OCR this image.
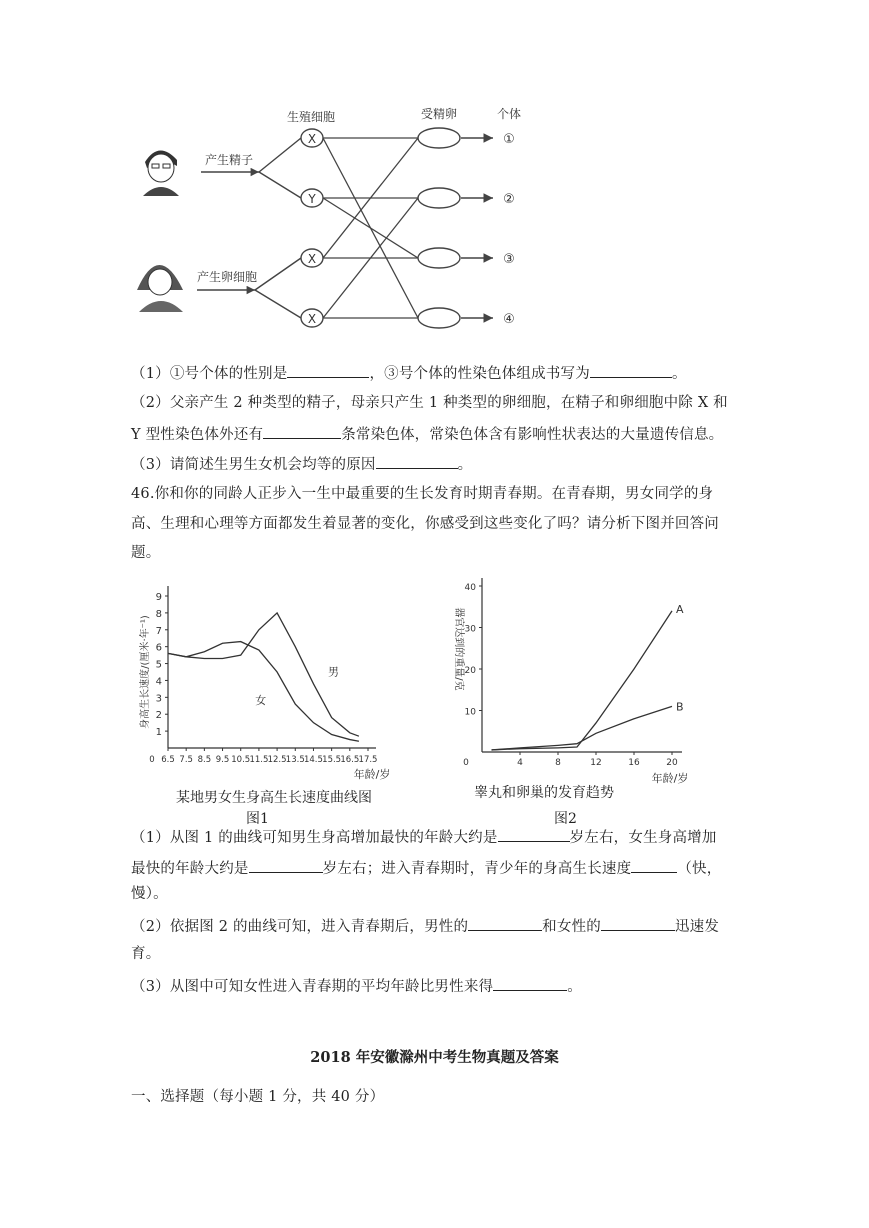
X
Y
X
X
①
②
③
④
生殖细胞	受精卵	个体
产生精子
产生卵细胞
（1）①号个体的性别是	，③号个体的性染色体组成书写为	。
（2）父亲产生 2 种类型的精子，母亲只产生 1 种类型的卵细胞，在精子和卵细胞中除 X 和
Y 型性染色体外还有	条常染色体，常染色体含有影响性状表达的大量遗传信息。
（3）请简述生男生女机会均等的原因	。
46.你和你的同龄人正步入一生中最重要的生长发育时期青春期。在青春期，男女同学的身
高、生理和心理等方面都发生着显著的变化，你感受到这些变化了吗？请分析下图并回答问
题。
1
2
3
4
5
6
7
8
9
0 6.5 7.5 8.5 9.5 10.5 11.5 12.5 13.5 14.5 15.5 16.5 17.5
年龄/岁
身高生长速度/(厘米·年⁻¹)	男
女
某地男女生身高生长速度曲线图
图1
10
20
30
40
0	4	8	12	16	20
年龄/岁
器官达到的重量/克	A
B
睾丸和卵巢的发育趋势
图2
（1）从图 1 的曲线可知男生身高增加最快的年龄大约是	岁左右，女生身高增加
最快的年龄大约是	岁左右；进入青春期时，青少年的身高生长速度	（快，
慢）。
（2）依据图 2 的曲线可知，进入青春期后，男性的	和女性的	迅速发
育。
（3）从图中可知女性进入青春期的平均年龄比男性来得	。
2018 年安徽滁州中考生物真题及答案
一、选择题（每小题 1 分，共 40 分）
